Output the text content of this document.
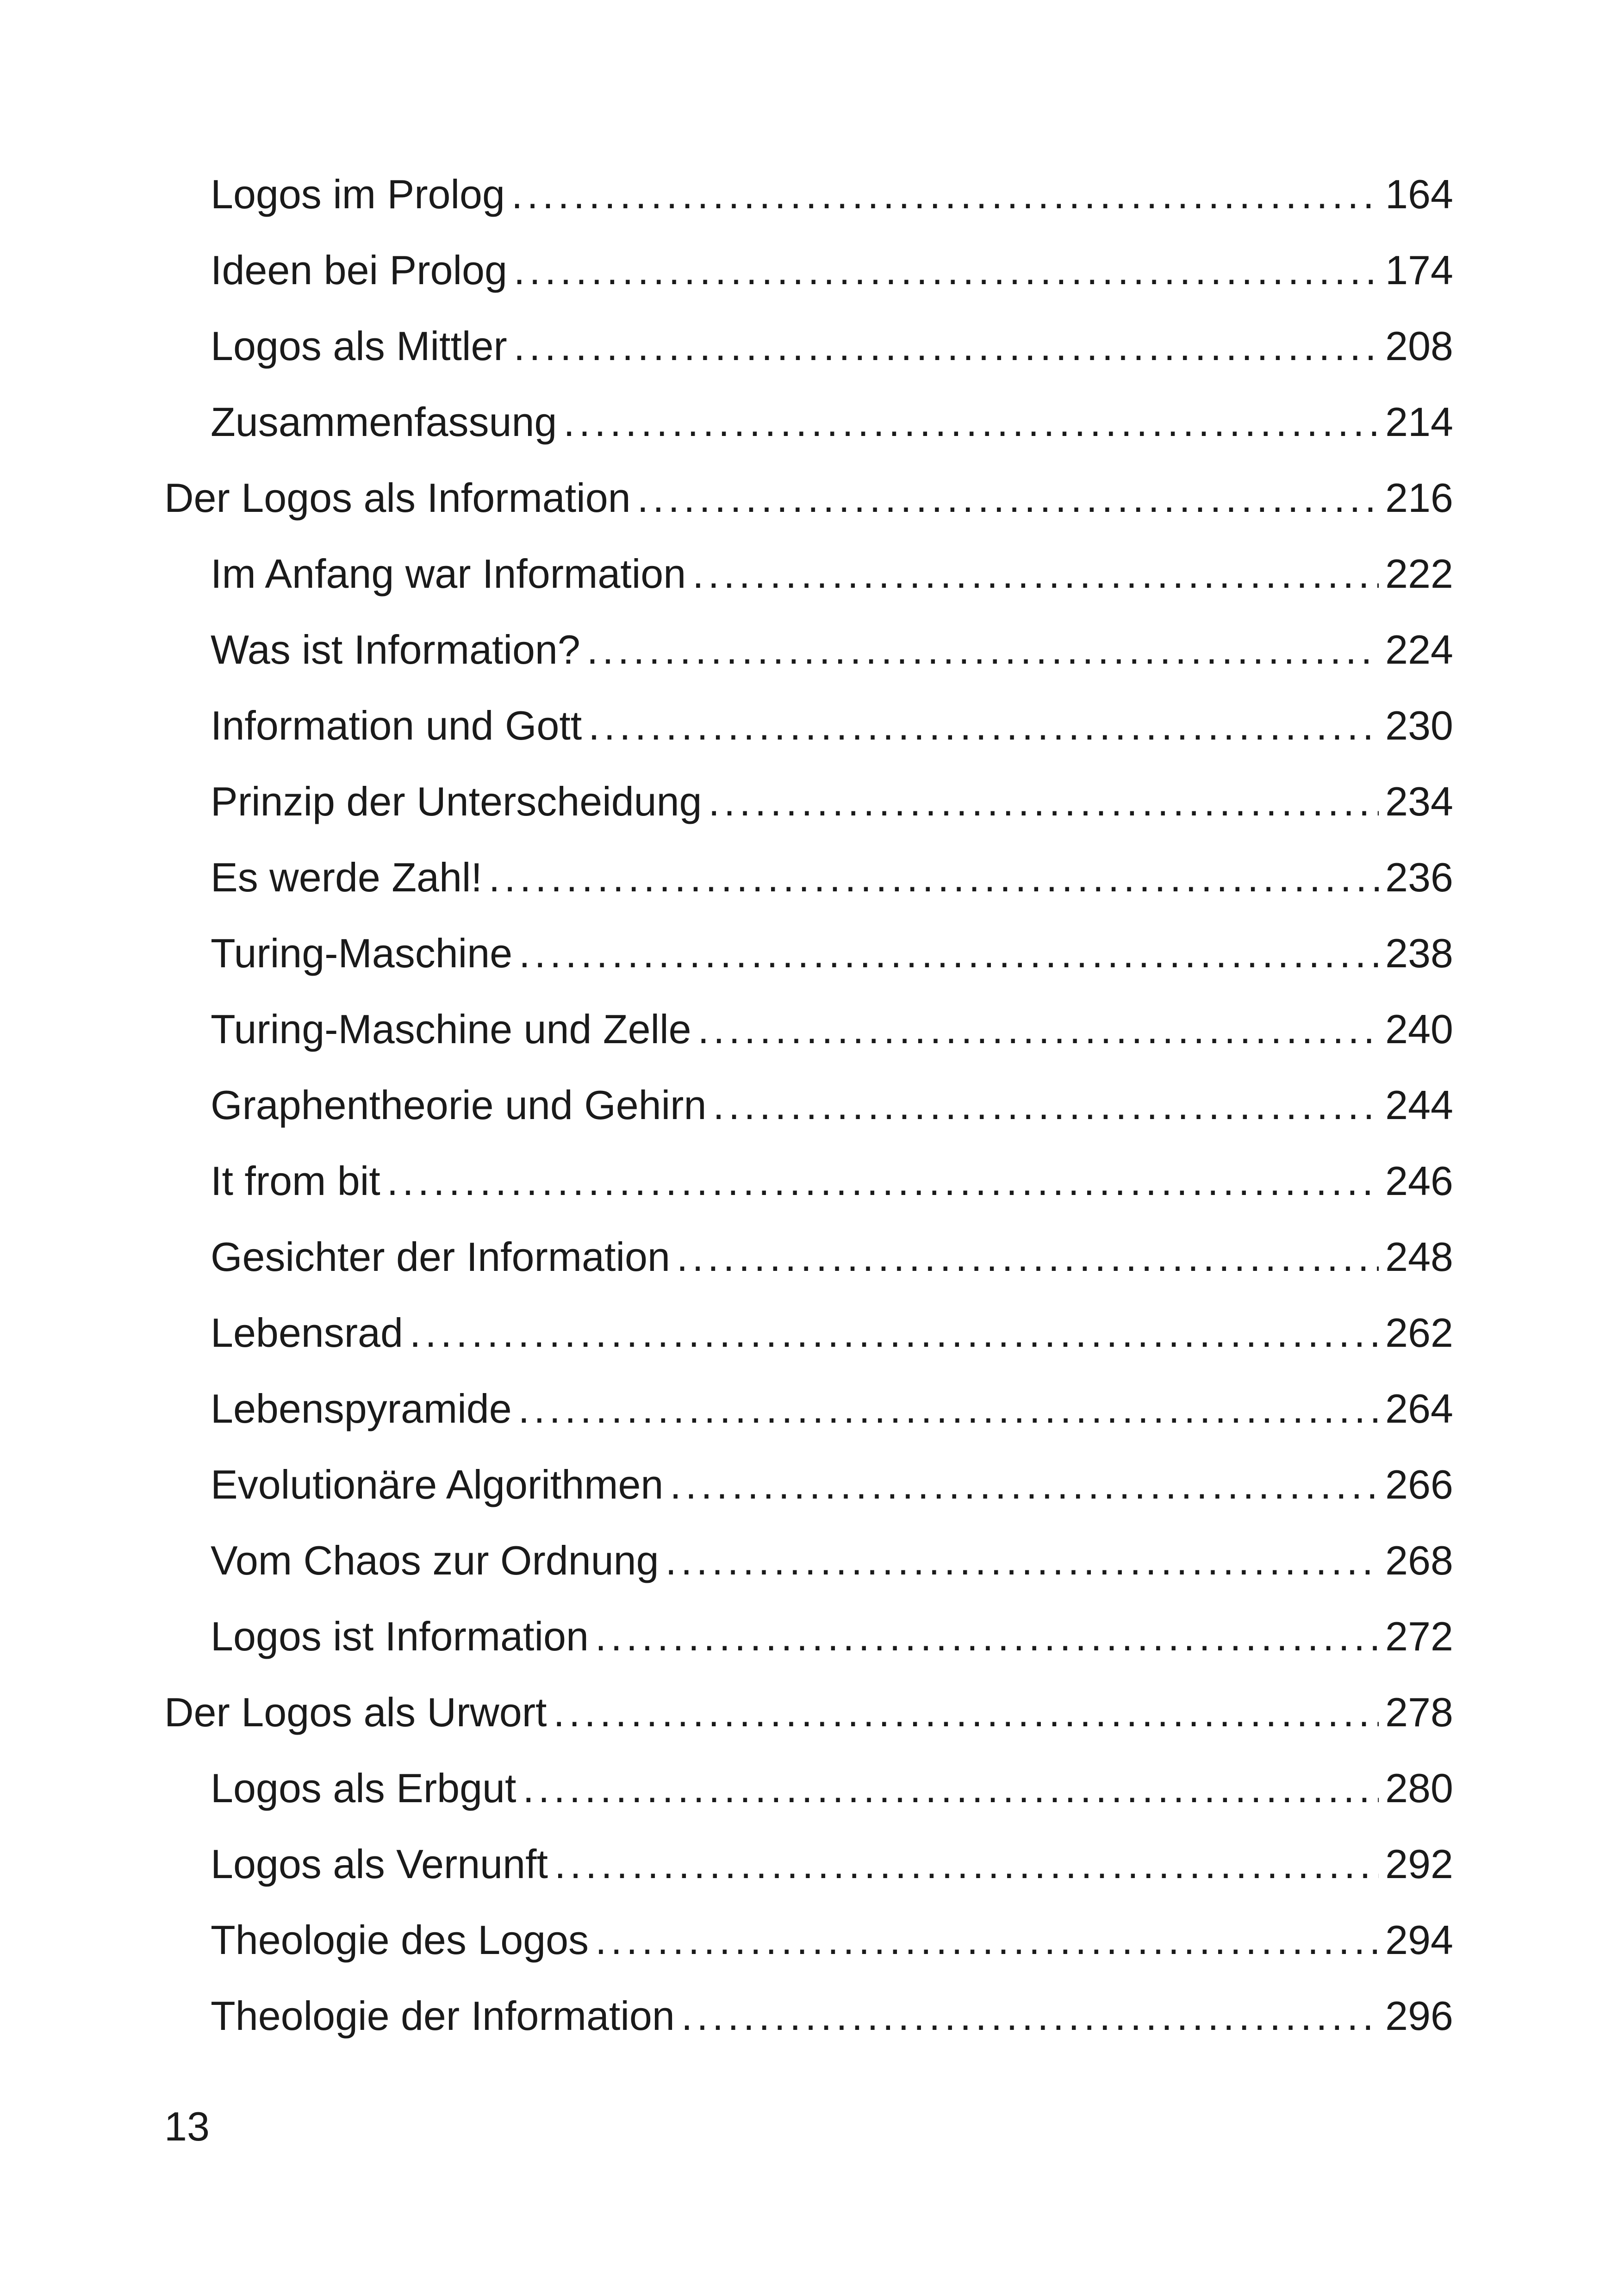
Logos im Prolog .....	164
Ideen bei Prolog .....	174
Logos als Mittler .....	208
Zusammenfassung .....	214
Der Logos als Information .....	216
Im Anfang war Information .....	222
Was ist Information? .....	224
Information und Gott .....	230
Prinzip der Unterscheidung .....	234
Es werde Zahl! .....	236
Turing-Maschine .....	238
Turing-Maschine und Zelle .....	240
Graphentheorie und Gehirn .....	244
It from bit .....	246
Gesichter der Information .....	248
Lebensrad .....	262
Lebenspyramide .....	264
Evolutionäre Algorithmen .....	266
Vom Chaos zur Ordnung .....	268
Logos ist Information .....	272
Der Logos als Urwort .....	278
Logos als Erbgut .....	280
Logos als Vernunft .....	292
Theologie des Logos .....	294
Theologie der Information .....	296
13
